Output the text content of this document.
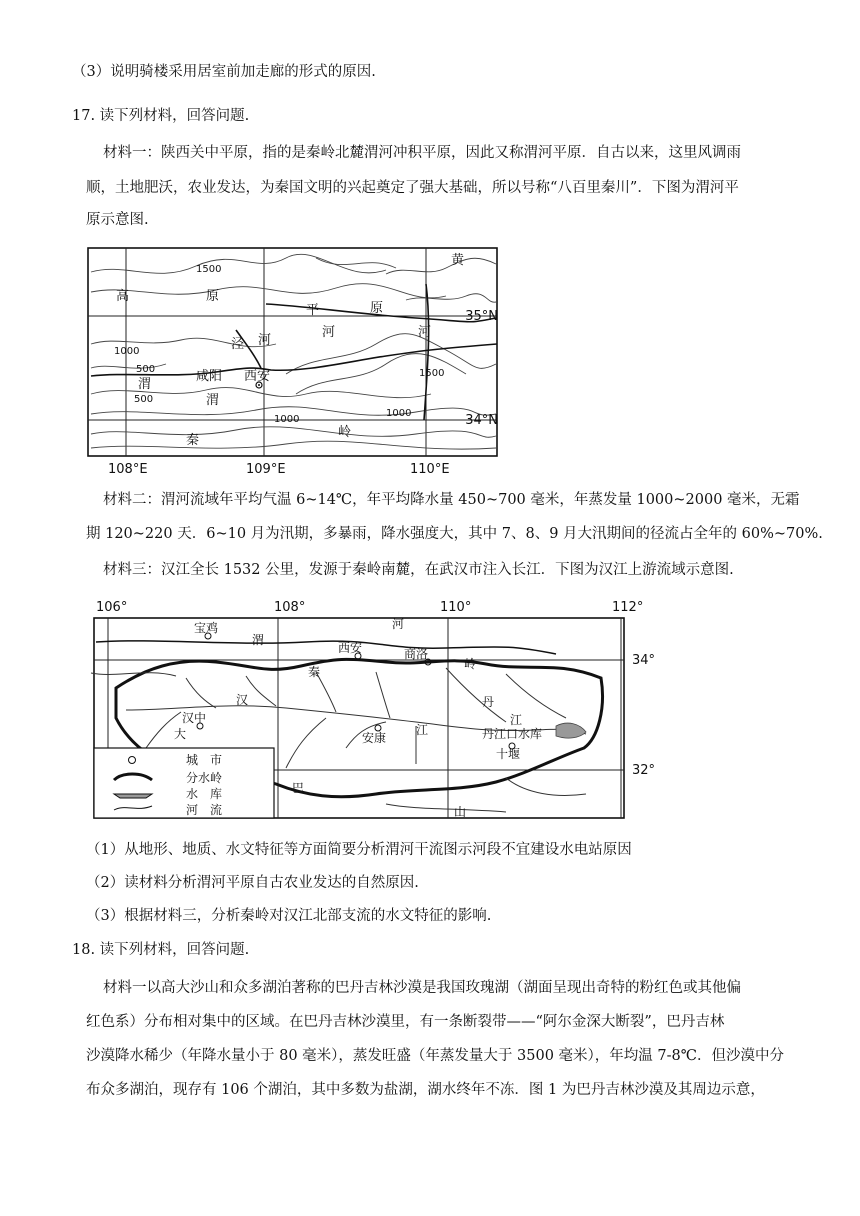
（3）说明骑楼采用居室前加走廊的形式的原因.
17. 读下列材料，回答问题.
材料一：陕西关中平原，指的是秦岭北麓渭河冲积平原，因此又称渭河平原．自古以来，这里风调雨
顺，土地肥沃，农业发达，为秦国文明的兴起奠定了强大基础，所以号称“八百里秦川”．下图为渭河平
原示意图.
1500
1000
500
500
1000
1500
1000
高	原
黄
原
河
平
河
泾 河
渭
咸阳 西安
渭
秦
岭
35°N
34°N
108°E	109°E	110°E
材料二：渭河流域年平均气温 6~14℃，年平均降水量 450~700 毫米，年蒸发量 1000~2000 毫米，无霜
期 120~220 天．6~10 月为汛期，多暴雨，降水强度大，其中 7、8、9 月大汛期间的径流占全年的 60%~70%.
材料三：汉江全长 1532 公里，发源于秦岭南麓，在武汉市注入长江．下图为汉江上游流域示意图.
106°	108°	110°	112°
34°
32°
宝鸡
渭
河
西安	商洛
秦
岭
汉
汉中
丹
江
江	丹江口水库
安康
十堰
大
巴
山
城　市
分水岭
水　库
河　流
（1）从地形、地质、水文特征等方面简要分析渭河干流图示河段不宜建设水电站原因
（2）读材料分析渭河平原自古农业发达的自然原因.
（3）根据材料三，分析秦岭对汉江北部支流的水文特征的影响.
18. 读下列材料，回答问题.
材料一以高大沙山和众多湖泊著称的巴丹吉林沙漠是我国玫瑰湖（湖面呈现出奇特的粉红色或其他偏
红色系）分布相对集中的区域。在巴丹吉林沙漠里，有一条断裂带——“阿尔金深大断裂”，巴丹吉林
沙漠降水稀少（年降水量小于 80 毫米），蒸发旺盛（年蒸发量大于 3500 毫米），年均温 7-8℃．但沙漠中分
布众多湖泊，现存有 106 个湖泊，其中多数为盐湖，湖水终年不冻．图 1 为巴丹吉林沙漠及其周边示意，
